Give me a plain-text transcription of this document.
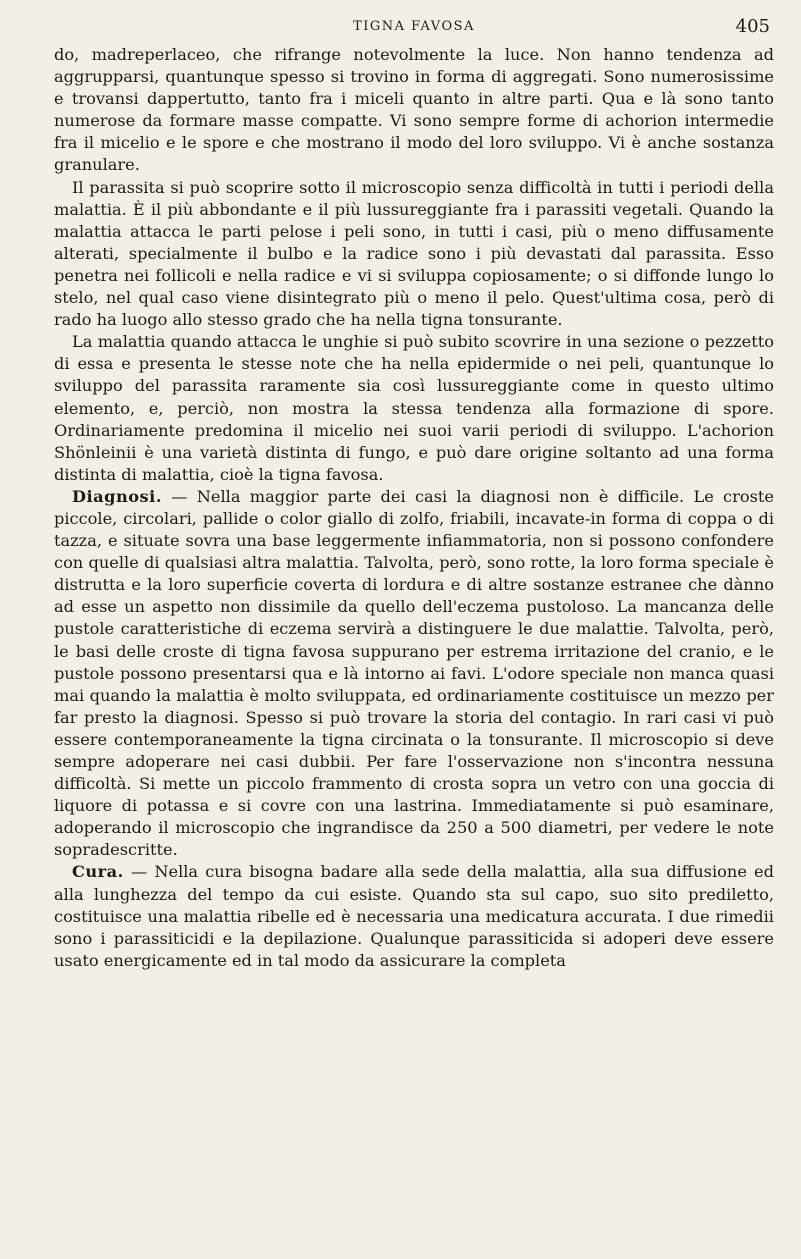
TIGNA FAVOSA	405

do, madreperlaceo, che rifrange notevolmente la luce. Non hanno tendenza ad aggrupparsi, quantunque spesso si trovino in forma di aggregati. Sono numerosissime e trovansi dappertutto, tanto fra i miceli quanto in altre parti. Qua e là sono tanto numerose da formare masse compatte. Vi sono sempre forme di achorion intermedie fra il micelio e le spore e che mostrano il modo del loro sviluppo. Vi è anche sostanza granulare.

Il parassita si può scoprire sotto il microscopio senza difficoltà in tutti i periodi della malattia. È il più abbondante e il più lussureggiante fra i parassiti vegetali. Quando la malattia attacca le parti pelose i peli sono, in tutti i casi, più o meno diffusamente alterati, specialmente il bulbo e la radice sono i più devastati dal parassita. Esso penetra nei follicoli e nella radice e vi si sviluppa copiosamente; o si diffonde lungo lo stelo, nel qual caso viene disintegrato più o meno il pelo. Quest'ultima cosa, però di rado ha luogo allo stesso grado che ha nella tigna tonsurante.

La malattia quando attacca le unghie si può subito scovrire in una sezione o pezzetto di essa e presenta le stesse note che ha nella epidermide o nei peli, quantunque lo sviluppo del parassita raramente sia così lussureggiante come in questo ultimo elemento, e, perciò, non mostra la stessa tendenza alla formazione di spore. Ordinariamente predomina il micelio nei suoi varii periodi di sviluppo. L'achorion Shönleinii è una varietà distinta di fungo, e può dare origine soltanto ad una forma distinta di malattia, cioè la tigna favosa.

Diagnosi. — Nella maggior parte dei casi la diagnosi non è difficile. Le croste piccole, circolari, pallide o color giallo di zolfo, friabili, incavate-in forma di coppa o di tazza, e situate sovra una base leggermente infiammatoria, non si possono confondere con quelle di qualsiasi altra malattia. Talvolta, però, sono rotte, la loro forma speciale è distrutta e la loro superficie coverta di lordura e di altre sostanze estranee che dànno ad esse un aspetto non dissimile da quello dell'eczema pustoloso. La mancanza delle pustole caratteristiche di eczema servirà a distinguere le due malattie. Talvolta, però, le basi delle croste di tigna favosa suppurano per estrema irritazione del cranio, e le pustole possono presentarsi qua e là intorno ai favi. L'odore speciale non manca quasi mai quando la malattia è molto sviluppata, ed ordinariamente costituisce un mezzo per far presto la diagnosi. Spesso si può trovare la storia del contagio. In rari casi vi può essere contemporaneamente la tigna circinata o la tonsurante. Il microscopio si deve sempre adoperare nei casi dubbii. Per fare l'osservazione non s'incontra nessuna difficoltà. Si mette un piccolo frammento di crosta sopra un vetro con una goccia di liquore di potassa e si covre con una lastrina. Immediatamente si può esaminare, adoperando il microscopio che ingrandisce da 250 a 500 diametri, per vedere le note sopradescritte.

Cura. — Nella cura bisogna badare alla sede della malattia, alla sua diffusione ed alla lunghezza del tempo da cui esiste. Quando sta sul capo, suo sito prediletto, costituisce una malattia ribelle ed è necessaria una medicatura accurata. I due rimedii sono i parassiticidi e la depilazione. Qualunque parassiticida si adoperi deve essere usato energicamente ed in tal modo da assicurare la completa
